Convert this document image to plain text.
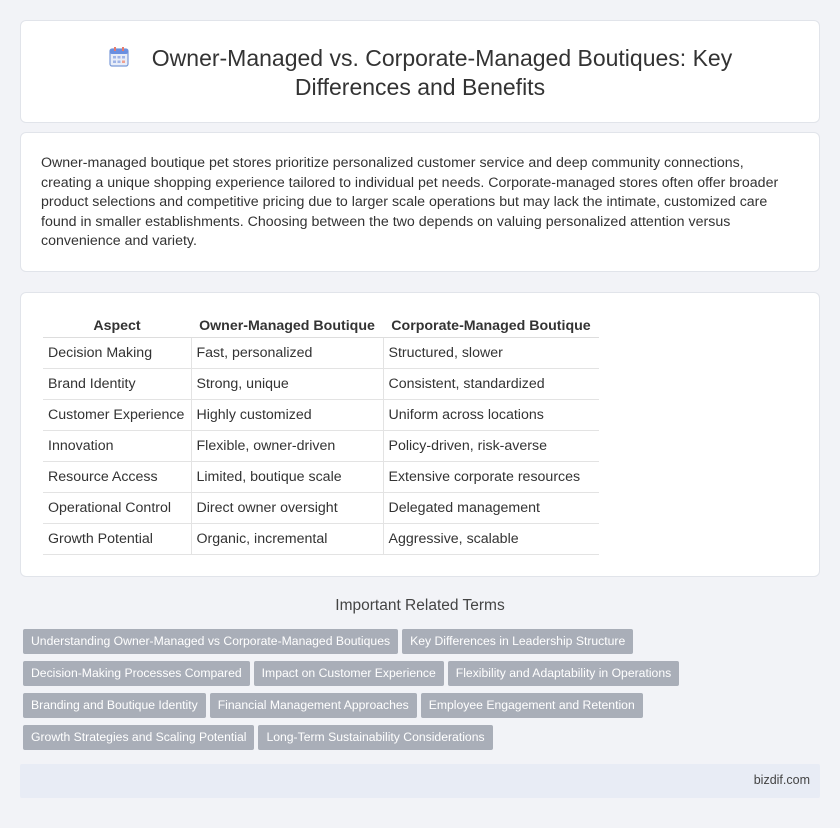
Owner-Managed vs. Corporate-Managed Boutiques: Key Differences and Benefits

Owner-managed boutique pet stores prioritize personalized customer service and deep community connections, creating a unique shopping experience tailored to individual pet needs. Corporate-managed stores often offer broader product selections and competitive pricing due to larger scale operations but may lack the intimate, customized care found in smaller establishments. Choosing between the two depends on valuing personalized attention versus convenience and variety.

Aspect	Owner-Managed Boutique	Corporate-Managed Boutique
Decision Making	Fast, personalized	Structured, slower
Brand Identity	Strong, unique	Consistent, standardized
Customer Experience	Highly customized	Uniform across locations
Innovation	Flexible, owner-driven	Policy-driven, risk-averse
Resource Access	Limited, boutique scale	Extensive corporate resources
Operational Control	Direct owner oversight	Delegated management
Growth Potential	Organic, incremental	Aggressive, scalable
Important Related Terms
Understanding Owner-Managed vs Corporate-Managed Boutiques Key Differences in Leadership Structure
Decision-Making Processes Compared Impact on Customer Experience Flexibility and Adaptability in Operations
Branding and Boutique Identity Financial Management Approaches Employee Engagement and Retention
Growth Strategies and Scaling Potential Long-Term Sustainability Considerations
bizdif.com
